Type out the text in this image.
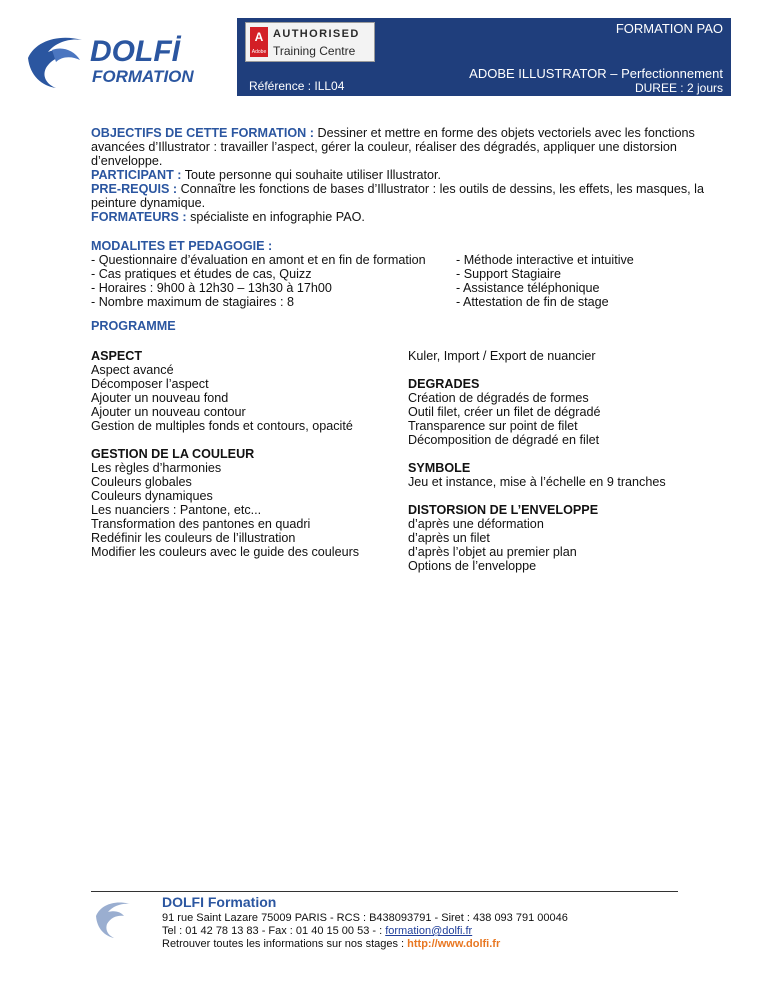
DOLFİ
FORMATION
A
Adobe
AUTHORISED
Training Centre
FORMATION PAO
Référence : ILL04
ADOBE ILLUSTRATOR – Perfectionnement
DUREE : 2 jours

OBJECTIFS DE CETTE FORMATION : Dessiner et mettre en forme des objets vectoriels avec les fonctions avancées d’Illustrator : travailler l’aspect, gérer la couleur, réaliser des dégradés, appliquer une distorsion d’enveloppe.

PARTICIPANT : Toute personne qui souhaite utiliser Illustrator.

PRE-REQUIS : Connaître les fonctions de bases d’Illustrator : les outils de dessins, les effets, les masques, la peinture dynamique.

FORMATEURS : spécialiste en infographie PAO.

MODALITES ET PEDAGOGIE :
- Questionnaire d’évaluation en amont et en fin de formation
- Cas pratiques et études de cas, Quizz
- Horaires : 9h00 à 12h30 – 13h30 à 17h00
- Nombre maximum de stagiaires : 8
- Méthode interactive et intuitive
- Support Stagiaire
- Assistance téléphonique
- Attestation de fin de stage
PROGRAMME
ASPECT
Aspect avancé
Décomposer l’aspect
Ajouter un nouveau fond
Ajouter un nouveau contour
Gestion de multiples fonds et contours, opacité
GESTION DE LA COULEUR
Les règles d’harmonies
Couleurs globales
Couleurs dynamiques
Les nuanciers : Pantone, etc...
Transformation des pantones en quadri
Redéfinir les couleurs de l’illustration
Modifier les couleurs avec le guide des couleurs
Kuler, Import / Export de nuancier
DEGRADES
Création de dégradés de formes
Outil filet, créer un filet de dégradé
Transparence sur point de filet
Décomposition de dégradé en filet
SYMBOLE
Jeu et instance, mise à l’échelle en 9 tranches
DISTORSION DE L’ENVELOPPE
d’après une déformation
d’après un filet
d’après l’objet au premier plan
Options de l’enveloppe
DOLFI Formation
91 rue Saint Lazare 75009 PARIS - RCS : B438093791 - Siret : 438 093 791 00046
Tel : 01 42 78 13 83 - Fax : 01 40 15 00 53 - : formation@dolfi.fr
Retrouver toutes les informations sur nos stages : http://www.dolfi.fr
